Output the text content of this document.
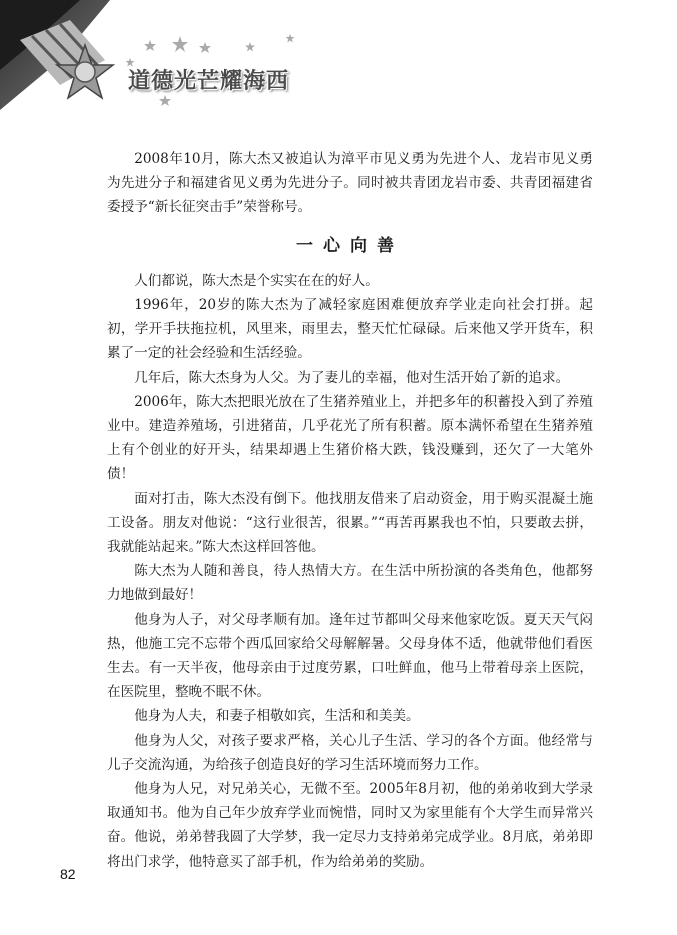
道德光芒耀海西

2008年10月，陈大杰又被追认为漳平市见义勇为先进个人、龙岩市见义勇为先进分子和福建省见义勇为先进分子。同时被共青团龙岩市委、共青团福建省委授予“新长征突击手”荣誉称号。

一心向善

人们都说，陈大杰是个实实在在的好人。

1996年，20岁的陈大杰为了减轻家庭困难便放弃学业走向社会打拼。起初，学开手扶拖拉机，风里来，雨里去，整天忙忙碌碌。后来他又学开货车，积累了一定的社会经验和生活经验。

几年后，陈大杰身为人父。为了妻儿的幸福，他对生活开始了新的追求。

2006年，陈大杰把眼光放在了生猪养殖业上，并把多年的积蓄投入到了养殖业中。建造养殖场，引进猪苗，几乎花光了所有积蓄。原本满怀希望在生猪养殖上有个创业的好开头，结果却遇上生猪价格大跌，钱没赚到，还欠了一大笔外债！

面对打击，陈大杰没有倒下。他找朋友借来了启动资金，用于购买混凝土施工设备。朋友对他说：“这行业很苦，很累。”“再苦再累我也不怕，只要敢去拼，我就能站起来。”陈大杰这样回答他。

陈大杰为人随和善良，待人热情大方。在生活中所扮演的各类角色，他都努力地做到最好！

他身为人子，对父母孝顺有加。逢年过节都叫父母来他家吃饭。夏天天气闷热，他施工完不忘带个西瓜回家给父母解解暑。父母身体不适，他就带他们看医生去。有一天半夜，他母亲由于过度劳累，口吐鲜血，他马上带着母亲上医院，在医院里，整晚不眠不休。

他身为人夫，和妻子相敬如宾，生活和和美美。

他身为人父，对孩子要求严格，关心儿子生活、学习的各个方面。他经常与儿子交流沟通，为给孩子创造良好的学习生活环境而努力工作。

他身为人兄，对兄弟关心，无微不至。2005年8月初，他的弟弟收到大学录取通知书。他为自己年少放弃学业而惋惜，同时又为家里能有个大学生而异常兴奋。他说，弟弟替我圆了大学梦，我一定尽力支持弟弟完成学业。8月底，弟弟即将出门求学，他特意买了部手机，作为给弟弟的奖励。

82
